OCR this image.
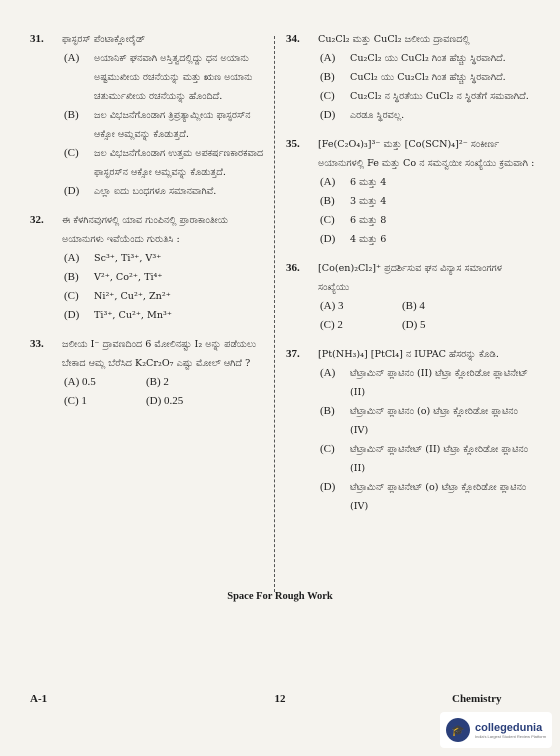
31.	ಫಾಸ್ಫರಸ್ ಪೆಂಟಾಕ್ಲೋರೈಡ್
(A) ಅಯಾನಿಕ್ ಘನವಾಗಿ ಅಸ್ತಿತ್ವದಲ್ಲಿದ್ದು ಧನ ಅಯಾನು ಅಷ್ಟಮುಖೀಯ ರಚನೆಯನ್ನು ಮತ್ತು ಋಣ ಅಯಾನು ಚತುರ್ಮುಖೀಯ ರಚನೆಯನ್ನು ಹೊಂದಿದೆ.
(B) ಜಲ ವಿಭಜನೆಗೊಂಡಾಗ ತ್ರಿಪ್ರತ್ಯಾಮ್ಲೀಯ ಫಾಸ್ಫರಸ್‌ನ ಆಕ್ಸೋ ಆಮ್ಲವನ್ನು ಕೊಡುತ್ತದೆ.
(C) ಜಲ ವಿಭಜನೆಗೊಂಡಾಗ ಉತ್ತಮ ಅಪಕರ್ಷಣಕಾರಕವಾದ ಫಾಸ್ಫರಸ್‌ನ ಆಕ್ಸೋ ಆಮ್ಲವನ್ನು ಕೊಡುತ್ತದೆ.
(D) ಎಲ್ಲಾ ಐದು ಬಂಧಗಳೂ ಸಮಾನವಾಗಿವೆ.
32.	ಈ ಕೆಳಗಿನವುಗಳಲ್ಲಿ ಯಾವ ಗುಂಪಿನಲ್ಲಿ ಪ್ರಾರಾಕಾಂತೀಯ ಅಯಾನುಗಳು ಇವೆಯೆಂದು ಗುರುತಿಸಿ :
(A) Sc³⁺, Ti³⁺, V³⁺
(B) V²⁺, Co²⁺, Ti⁴⁺
(C) Ni²⁺, Cu²⁺, Zn²⁺
(D) Ti³⁺, Cu²⁺, Mn³⁺
33.	ಜಲೀಯ I⁻ ದ್ರಾವಣದಿಂದ 6 ಮೋಲಿನಷ್ಟು I₂ ಅನ್ನು ಪಡೆಯಲು ಬೇಕಾದ ಆಮ್ಲ ಬೆರೆಸಿದ K₂Cr₂O₇ ಎಷ್ಟು ಮೋಲ್ ಆಗಿದೆ ?
(A) 0.5	(B) 2
(C) 1	(D) 0.25
34.	Cu₂Cl₂ ಮತ್ತು CuCl₂ ಜಲೀಯ ದ್ರಾವಣದಲ್ಲಿ
(A) Cu₂Cl₂ ಯು CuCl₂ ಗಿಂತ ಹೆಚ್ಚು ಸ್ಥಿರವಾಗಿದೆ.
(B) CuCl₂ ಯು Cu₂Cl₂ ಗಿಂತ ಹೆಚ್ಚು ಸ್ಥಿರವಾಗಿದೆ.
(C) Cu₂Cl₂ ನ ಸ್ಥಿರತೆಯು CuCl₂ ನ ಸ್ಥಿರತೆಗೆ ಸಮವಾಗಿದೆ.
(D) ಎರಡೂ ಸ್ಥಿರವಲ್ಲ.
35.	[Fe(C₂O₄)₃]³⁻ ಮತ್ತು [Co(SCN)₄]²⁻ ಸಂಕೀರ್ಣ ಅಯಾನುಗಳಲ್ಲಿ Fe ಮತ್ತು Co ನ ಸಮನ್ವಯೀ ಸಂಖ್ಯೆಯು ಕ್ರಮವಾಗಿ :
(A) 6 ಮತ್ತು 4
(B) 3 ಮತ್ತು 4
(C) 6 ಮತ್ತು 8
(D) 4 ಮತ್ತು 6
36.	[Co(en)₂Cl₂]⁺ ಪ್ರದರ್ಶಿಸುವ ಘನ ವಿನ್ಯಾಸ ಸಮಾಂಗಗಳ ಸಂಖ್ಯೆಯು
(A) 3	(B) 4
(C) 2	(D) 5
37.	[Pt(NH₃)₄] [PtCl₄] ನ IUPAC ಹೆಸರನ್ನು ಕೊಡಿ.
(A) ಟೆಟ್ರಾಮಿನ್ ಪ್ಲಾಟಿನಂ (II) ಟೆಟ್ರಾ ಕ್ಲೋರಿಡೋ ಪ್ಲಾಟಿನೇಟ್ (II)
(B) ಟೆಟ್ರಾಮಿನ್ ಪ್ಲಾಟಿನಂ (o) ಟೆಟ್ರಾ ಕ್ಲೋರಿಡೋ ಪ್ಲಾಟಿನಂ (IV)
(C) ಟೆಟ್ರಾಮಿನ್ ಪ್ಲಾಟಿನೇಟ್ (II) ಟೆಟ್ರಾ ಕ್ಲೋರಿಡೋ ಪ್ಲಾಟಿನಂ (II)
(D) ಟೆಟ್ರಾಮಿನ್ ಪ್ಲಾಟಿನೇಟ್ (o) ಟೆಟ್ರಾ ಕ್ಲೋರಿಡೋ ಪ್ಲಾಟಿನಂ (IV)
Space For Rough Work
A-1	12	Chemistry
🎓 collegedunia
India's Largest Student Review Platform
